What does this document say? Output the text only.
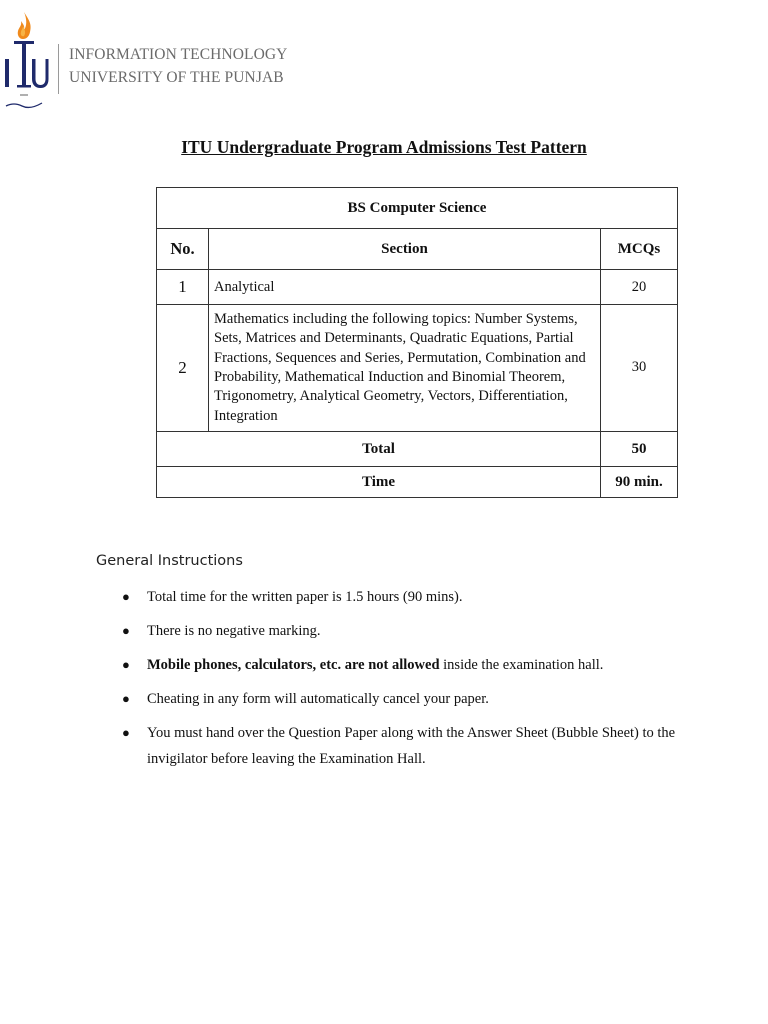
INFORMATION TECHNOLOGY
UNIVERSITY OF THE PUNJAB
ITU Undergraduate Program Admissions Test Pattern
BS Computer Science		
No.	Section	MCQs
1	Analytical	20
2	Mathematics including the following topics: Number Systems, Sets, Matrices and Determinants, Quadratic Equations, Partial Fractions, Sequences and Series, Permutation, Combination and Probability, Mathematical Induction and Binomial Theorem, Trigonometry, Analytical Geometry, Vectors, Differentiation, Integration	30
Total		50
Time		90 min.
General Instructions
● Total time for the written paper is 1.5 hours (90 mins).
● There is no negative marking.
● Mobile phones, calculators, etc. are not allowed inside the examination hall.
● Cheating in any form will automatically cancel your paper.
● You must hand over the Question Paper along with the Answer Sheet (Bubble Sheet) to the invigilator before leaving the Examination Hall.
